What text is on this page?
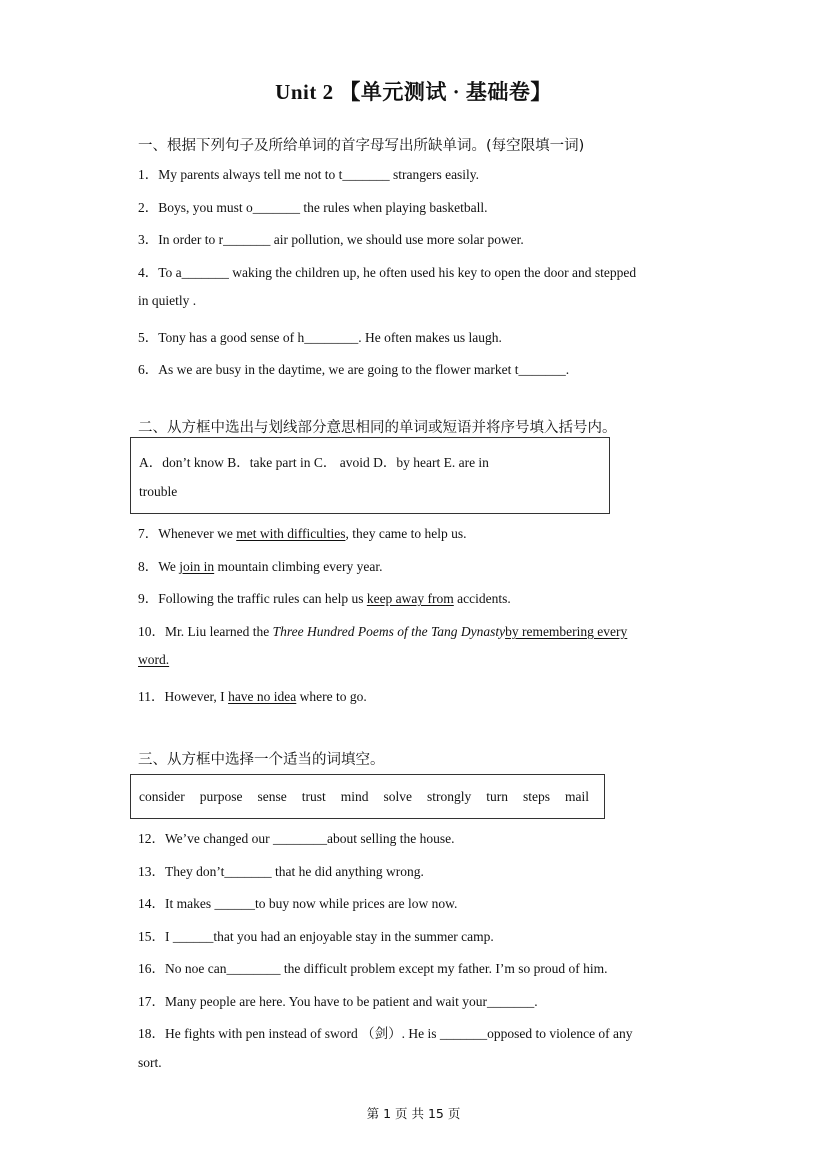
Unit 2 【单元测试 · 基础卷】
一、根据下列句子及所给单词的首字母写出所缺单词。(每空限填一词)
1．My parents always tell me not to t_______ strangers easily.
2．Boys, you must o_______ the rules when playing basketball.
3．In order to r_______ air pollution, we should use more solar power.
4．To a_______ waking the children up, he often used his key to open the door and stepped
in quietly .
5．Tony has a good sense of h________. He often makes us laugh.
6．As we are busy in the daytime, we are going to the flower market t_______.
二、从方框中选出与划线部分意思相同的单词或短语并将序号填入括号内。
A．don’t know B．take part in C． avoid D．by heart E. are in
trouble
7．Whenever we met with difficulties, they came to help us.
8．We join in mountain climbing every year.
9．Following the traffic rules can help us keep away from accidents.
10．Mr. Liu learned the Three Hundred Poems of the Tang Dynastyby remembering every
word.
11．However, I have no idea where to go.
三、从方框中选择一个适当的词填空。
consider purpose sense trust mind solve strongly turn steps mail
12．We’ve changed our ________about selling the house.
13．They don’t_______ that he did anything wrong.
14．It makes ______to buy now while prices are low now.
15．I ______that you had an enjoyable stay in the summer camp.
16．No noe can________ the difficult problem except my father. I’m so proud of him.
17．Many people are here. You have to be patient and wait your_______.
18．He fights with pen instead of sword （剑）. He is _______opposed to violence of any
sort.
第 1 页 共 15 页
